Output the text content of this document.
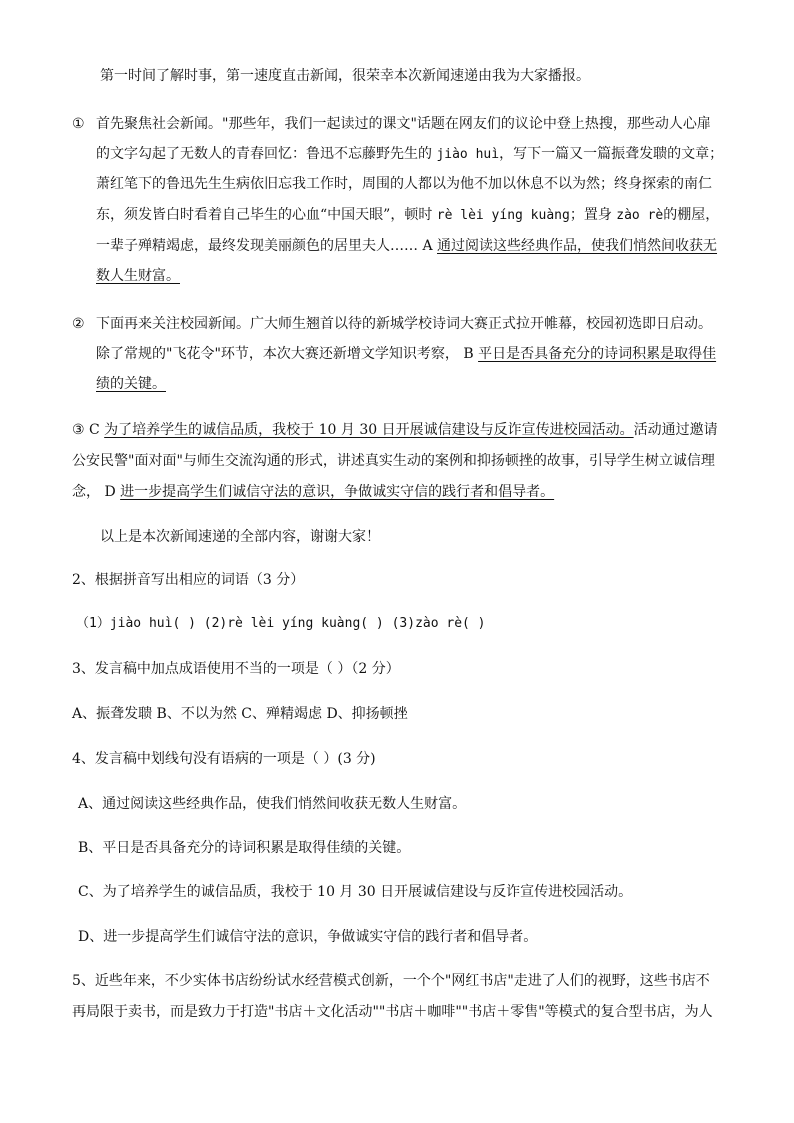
第一时间了解时事，第一速度直击新闻，很荣幸本次新闻速递由我为大家播报。
① 首先聚焦社会新闻。"那些年，我们一起读过的课文"话题在网友们的议论中登上热搜，那些动人心扉
的文字勾起了无数人的青春回忆：鲁迅不忘藤野先生的 jiào huì，写下一篇又一篇振聋发聩的文章；
萧红笔下的鲁迅先生生病依旧忘我工作时，周围的人都以为他不加以休息不以为然；终身探索的南仁
东，须发皆白时看着自己毕生的心血“中国天眼”，顿时 rè lèi yíng kuàng；置身 zào rè的棚屋，
一辈子殚精竭虑，最终发现美丽颜色的居里夫人…… A 通过阅读这些经典作品，使我们悄然间收获无
数人生财富。
② 下面再来关注校园新闻。广大师生翘首以待的新城学校诗词大赛正式拉开帷幕，校园初选即日启动。
除了常规的"飞花令"环节，本次大赛还新增文学知识考察， B 平日是否具备充分的诗词积累是取得佳
绩的关键。
③ C 为了培养学生的诚信品质，我校于 10 月 30 日开展诚信建设与反诈宣传进校园活动。活动通过邀请
公安民警"面对面"与师生交流沟通的形式，讲述真实生动的案例和抑扬顿挫的故事，引导学生树立诚信理
念， D 进一步提高学生们诚信守法的意识，争做诚实守信的践行者和倡导者。
以上是本次新闻速递的全部内容，谢谢大家！
2、根据拼音写出相应的词语（3 分）
（1）jiào huì( ) (2)rè lèi yíng kuàng( ) (3)zào rè( )
3、发言稿中加点成语使用不当的一项是（ ）（2 分）
A、振聋发聩 B、不以为然 C、殚精竭虑 D、抑扬顿挫
4、发言稿中划线句没有语病的一项是（ ）(3 分)
A、通过阅读这些经典作品，使我们悄然间收获无数人生财富。
B、平日是否具备充分的诗词积累是取得佳绩的关键。
C、为了培养学生的诚信品质，我校于 10 月 30 日开展诚信建设与反诈宣传进校园活动。
D、进一步提高学生们诚信守法的意识，争做诚实守信的践行者和倡导者。
5、近些年来，不少实体书店纷纷试水经营模式创新，一个个"网红书店"走进了人们的视野，这些书店不
再局限于卖书，而是致力于打造"书店＋文化活动""书店＋咖啡""书店＋零售"等模式的复合型书店，为人
